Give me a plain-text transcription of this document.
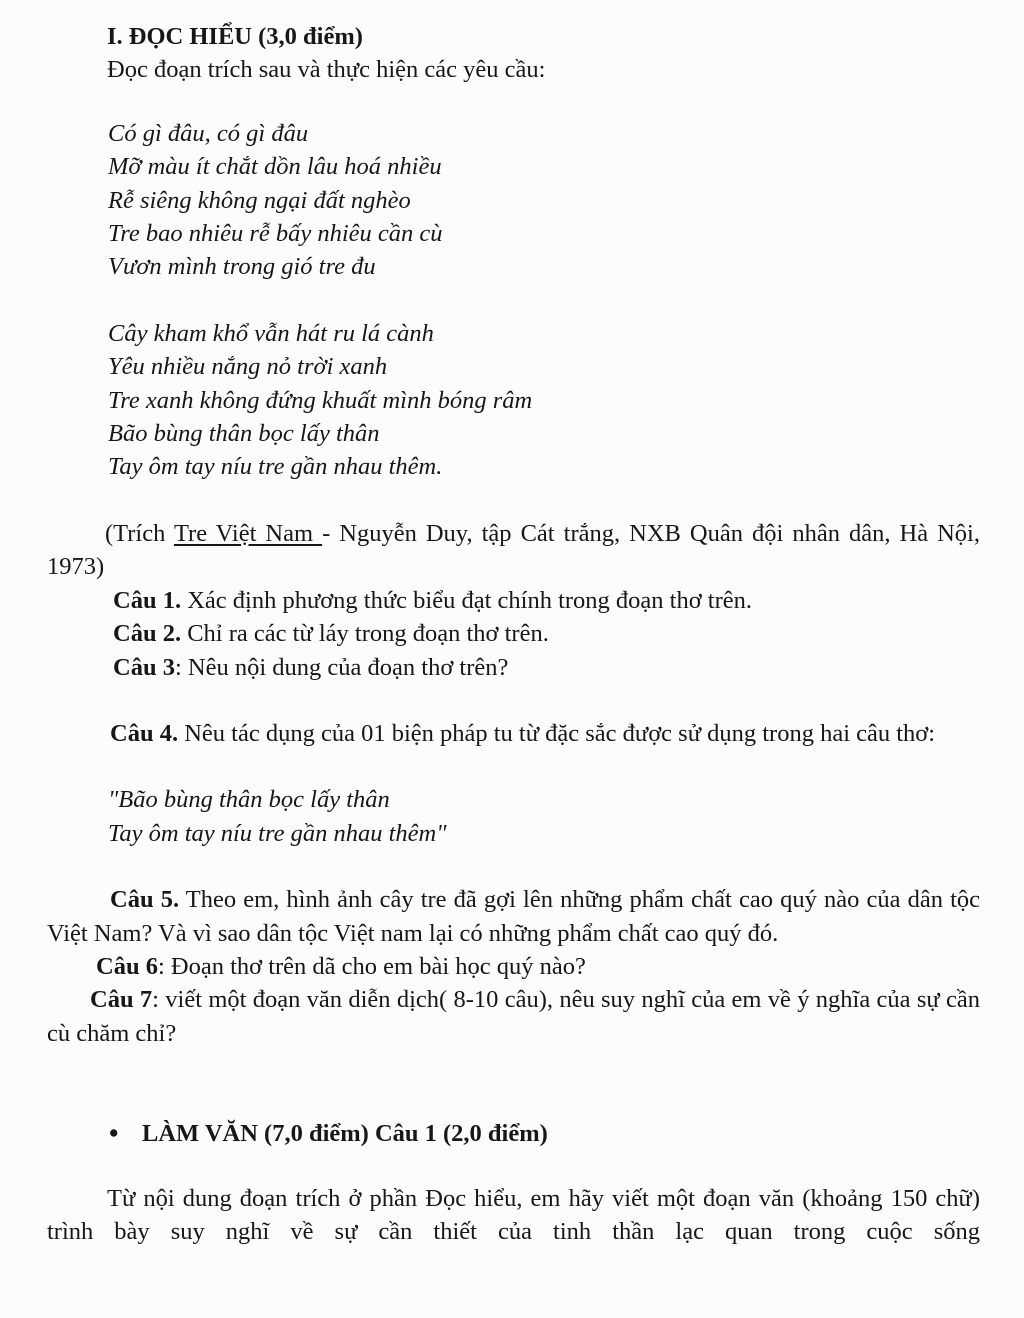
I. ĐỌC HIỂU (3,0 điểm)

Đọc đoạn trích sau và thực hiện các yêu cầu:

Có gì đâu, có gì đâu

Mỡ màu ít chắt dồn lâu hoá nhiều

Rễ siêng không ngại đất nghèo

Tre bao nhiêu rễ bấy nhiêu cần cù

Vươn mình trong gió tre đu

Cây kham khổ vẫn hát ru lá cành

Yêu nhiều nắng nỏ trời xanh

Tre xanh không đứng khuất mình bóng râm

Bão bùng thân bọc lấy thân

Tay ôm tay níu tre gần nhau thêm.

(Trích Tre Việt Nam - Nguyễn Duy, tập Cát trắng, NXB Quân đội nhân dân, Hà Nội, 1973)

Câu 1. Xác định phương thức biểu đạt chính trong đoạn thơ trên.

Câu 2. Chỉ ra các từ láy trong đoạn thơ trên.

Câu 3: Nêu nội dung của đoạn thơ trên?

Câu 4. Nêu tác dụng của 01 biện pháp tu từ đặc sắc được sử dụng trong hai câu thơ:

"Bão bùng thân bọc lấy thân

Tay ôm tay níu tre gần nhau thêm"

Câu 5. Theo em, hình ảnh cây tre đã gợi lên những phẩm chất cao quý nào của dân tộc Việt Nam? Và vì sao dân tộc Việt nam lại có những phẩm chất cao quý đó.

Câu 6: Đoạn thơ trên dã cho em bài học quý nào?

Câu 7: viết một đoạn văn diễn dịch( 8-10 câu), nêu suy nghĩ của em về ý nghĩa của sự cần cù chăm chỉ?

• LÀM VĂN (7,0 điểm) Câu 1 (2,0 điểm)

Từ nội dung đoạn trích ở phần Đọc hiểu, em hãy viết một đoạn văn (khoảng 150 chữ) trình bày suy nghĩ về sự cần thiết của tinh thần lạc quan trong cuộc sống
